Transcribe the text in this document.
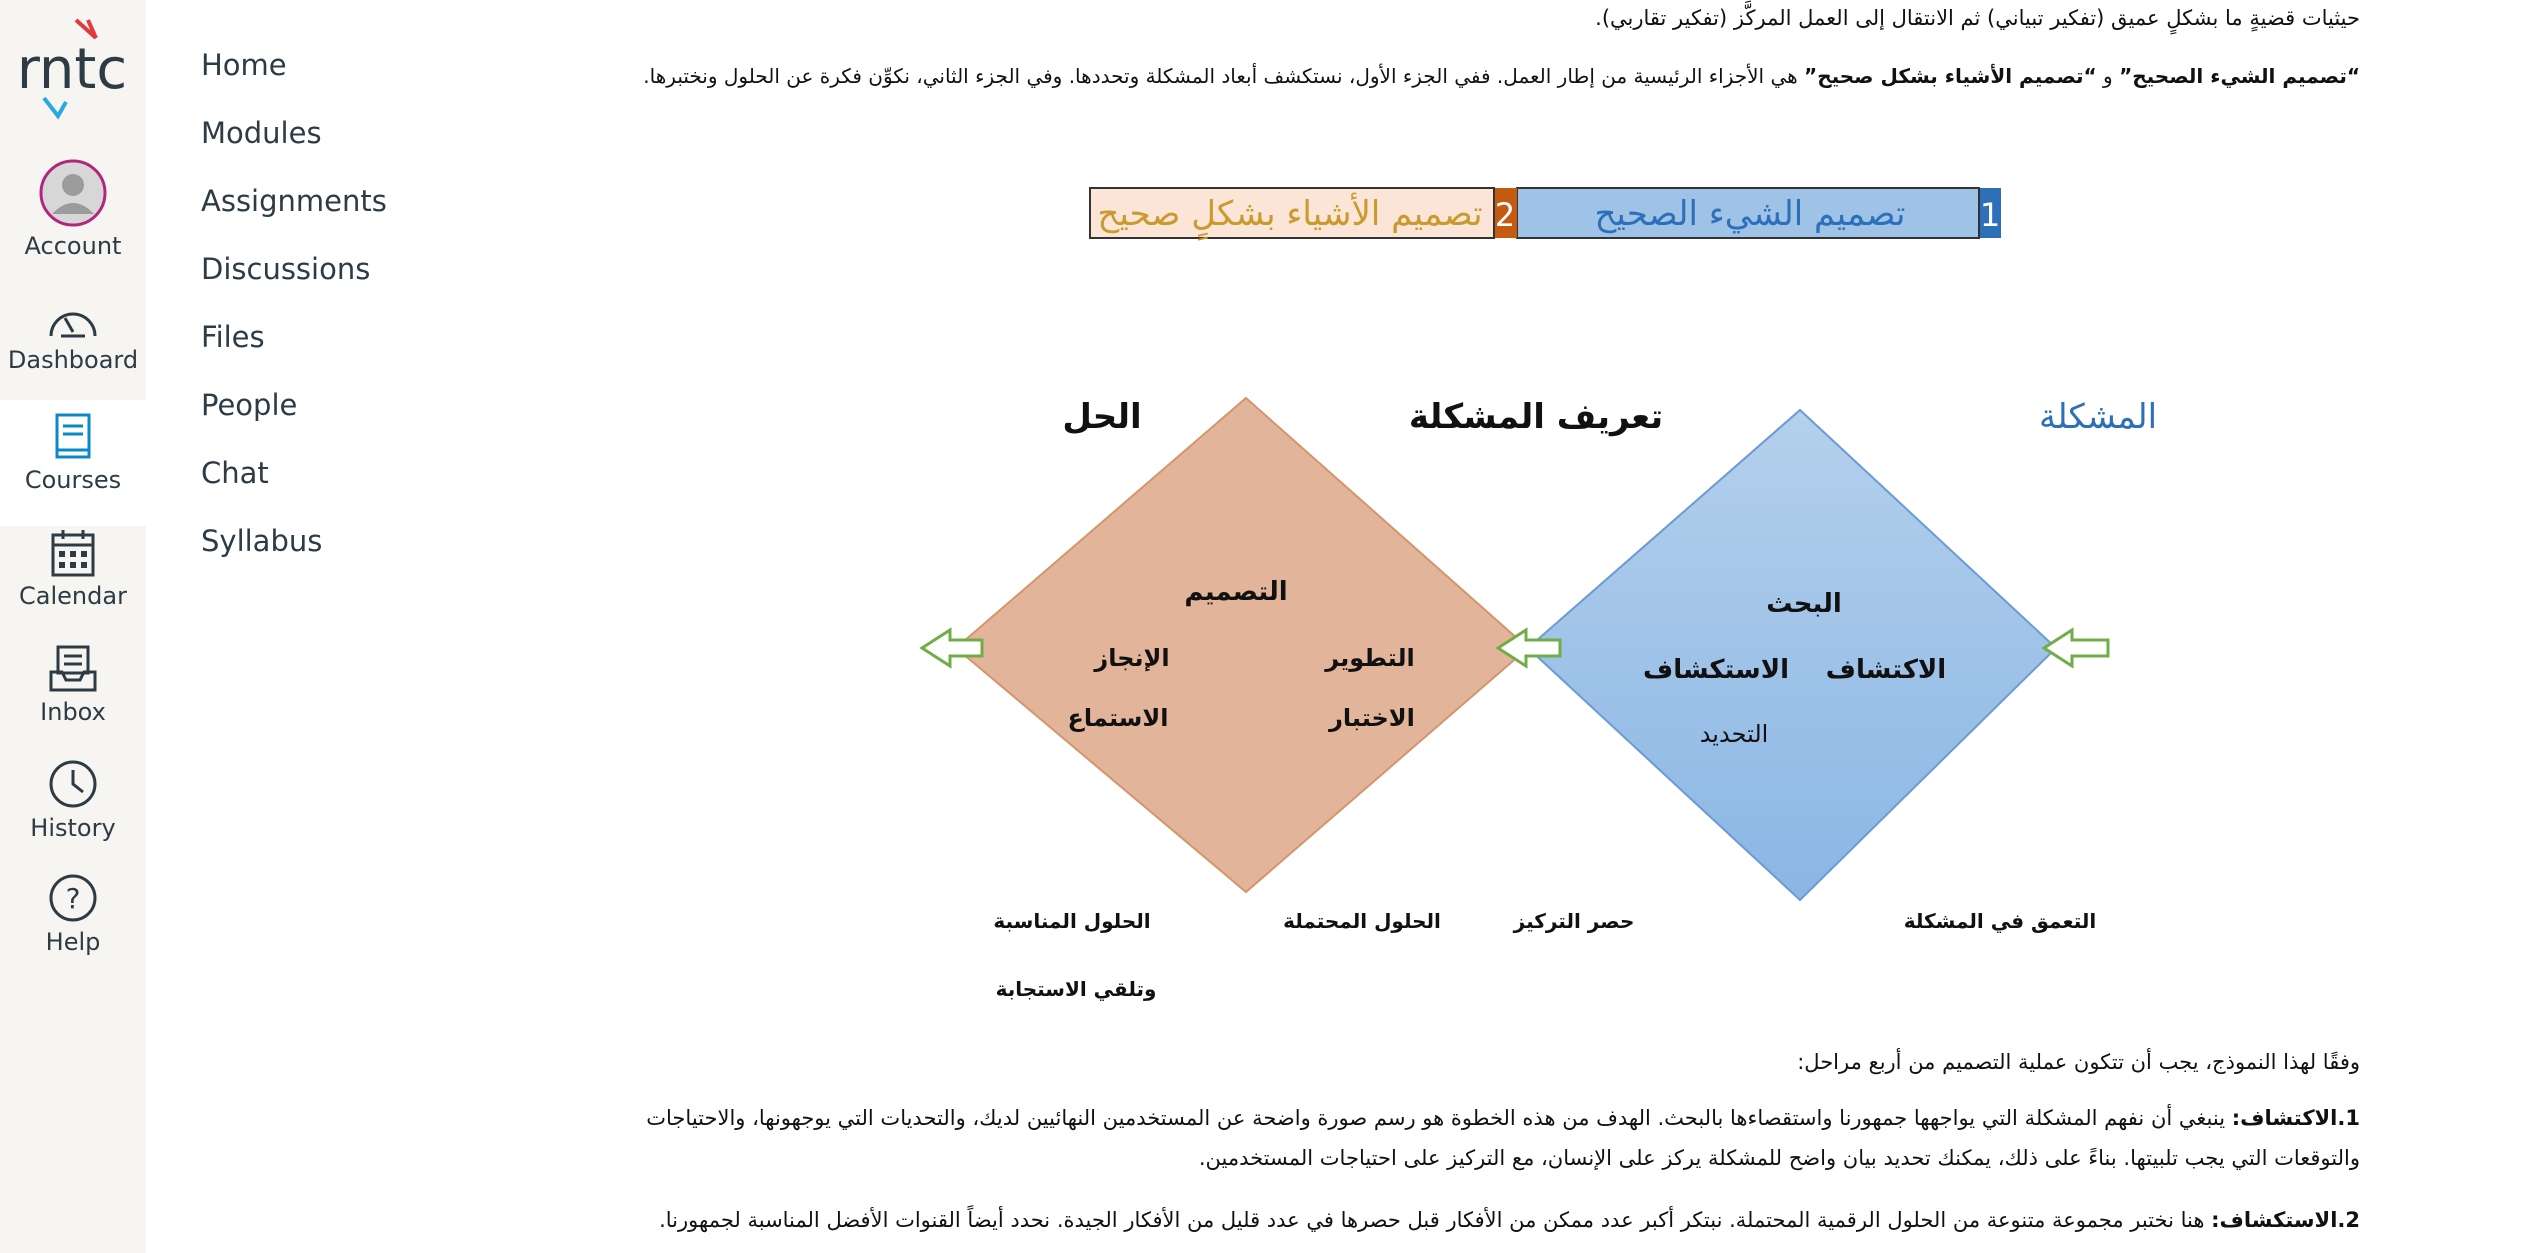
rntc
Account
Dashboard
Courses
Calendar
Inbox
History
?
Help
Home
Modules
Assignments
Discussions
Files
People
Chat
Syllabus
حيثيات قضيةٍ ما بشكلٍ عميق (تفكير تبياني) ثم الانتقال إلى العمل المركَّز (تفكير تقاربي).
“تصميم الشيء الصحيح” و “تصميم الأشياء بشكل صحيح” هي الأجزاء الرئيسية من إطار العمل. ففي الجزء الأول، نستكشف أبعاد المشكلة وتحددها. وفي الجزء الثاني، نكوِّن فكرة عن الحلول ونختبرها.
1
تصميم الشيء الصحيح
2
تصميم الأشياء بشكلٍ صحيح
المشكلة
تعريف المشكلة
الحل
البحث
الاكتشاف
الاستكشاف
التحديد
التصميم
التطوير
الإنجاز
الاختبار
الاستماع
التعمق في المشكلة
حصر التركيز
الحلول المحتملة
الحلول المناسبة
وتلقي الاستجابة
وفقًا لهذا النموذج، يجب أن تتكون عملية التصميم من أربع مراحل:
1.الاكتشاف: ينبغي أن نفهم المشكلة التي يواجهها جمهورنا واستقصاءها بالبحث. الهدف من هذه الخطوة هو رسم صورة واضحة عن المستخدمين النهائيين لديك، والتحديات التي يوجهونها، والاحتياجات
والتوقعات التي يجب تلبيتها. بناءً على ذلك، يمكنك تحديد بيان واضح للمشكلة يركز على الإنسان، مع التركيز على احتياجات المستخدمين.
2.الاستكشاف: هنا نختبر مجموعة متنوعة من الحلول الرقمية المحتملة. نبتكر أكبر عدد ممكن من الأفكار قبل حصرها في عدد قليل من الأفكار الجيدة. نحدد أيضاً القنوات الأفضل المناسبة لجمهورنا.
